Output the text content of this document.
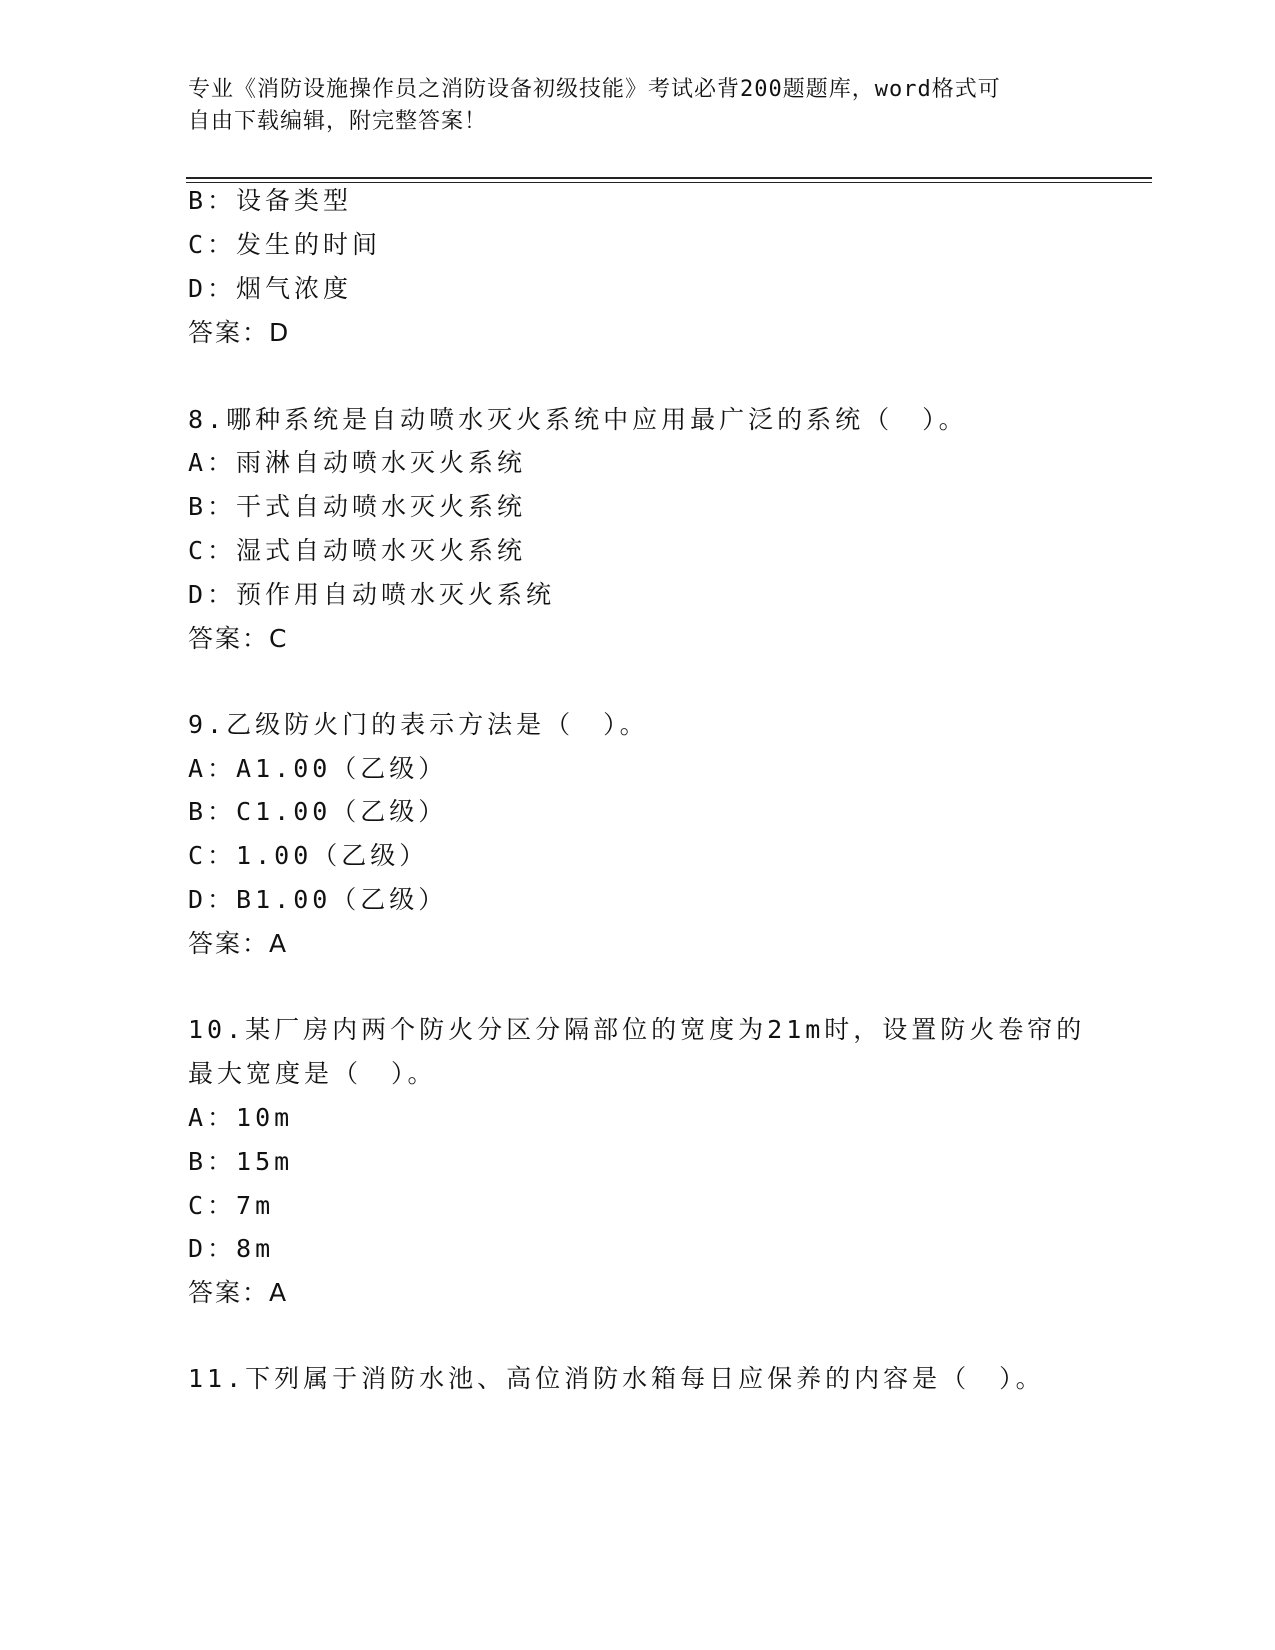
专业《消防设施操作员之消防设备初级技能》考试必背200题题库，word格式可
自由下载编辑，附完整答案！
B：设备类型
C：发生的时间
D：烟气浓度
答案：D
8.哪种系统是自动喷水灭火系统中应用最广泛的系统（　）。
A：雨淋自动喷水灭火系统
B：干式自动喷水灭火系统
C：湿式自动喷水灭火系统
D：预作用自动喷水灭火系统
答案：C
9.乙级防火门的表示方法是（　）。
A：A1.00（乙级）
B：C1.00（乙级）
C：1.00（乙级）
D：B1.00（乙级）
答案：A
10.某厂房内两个防火分区分隔部位的宽度为21m时，设置防火卷帘的
最大宽度是（　）。
A：10m
B：15m
C：7m
D：8m
答案：A
11.下列属于消防水池、高位消防水箱每日应保养的内容是（　）。
